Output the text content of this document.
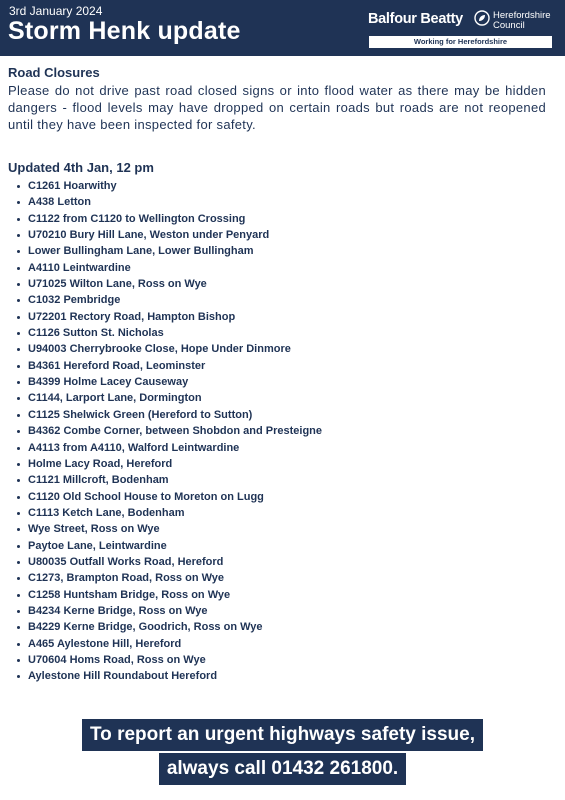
3rd January 2024
Storm Henk update	Balfour Beatty	Herefordshire Council
Working for Herefordshire
Road Closures
Please do not drive past road closed signs or into flood water as there may be hidden dangers - flood levels may have dropped on certain roads but roads are not reopened until they have been inspected for safety.
Updated 4th Jan, 12 pm
C1261 Hoarwithy
A438 Letton
C1122 from C1120 to Wellington Crossing
U70210 Bury Hill Lane, Weston under Penyard
Lower Bullingham Lane, Lower Bullingham
A4110 Leintwardine
U71025 Wilton Lane, Ross on Wye
C1032 Pembridge
U72201 Rectory Road, Hampton Bishop
C1126 Sutton St. Nicholas
U94003 Cherrybrooke Close, Hope Under Dinmore
B4361 Hereford Road, Leominster
B4399 Holme Lacey Causeway
C1144, Larport Lane, Dormington
C1125 Shelwick Green (Hereford to Sutton)
B4362 Combe Corner, between Shobdon and Presteigne
A4113 from A4110, Walford Leintwardine
Holme Lacy Road, Hereford
C1121 Millcroft, Bodenham
C1120 Old School House to Moreton on Lugg
C1113 Ketch Lane, Bodenham
Wye Street, Ross on Wye
Paytoe Lane, Leintwardine
U80035 Outfall Works Road, Hereford
C1273, Brampton Road, Ross on Wye
C1258 Huntsham Bridge, Ross on Wye
B4234 Kerne Bridge, Ross on Wye
B4229 Kerne Bridge, Goodrich, Ross on Wye
A465 Aylestone Hill, Hereford
U70604 Homs Road, Ross on Wye
Aylestone Hill Roundabout Hereford
To report an urgent highways safety issue,
always call 01432 261800.
